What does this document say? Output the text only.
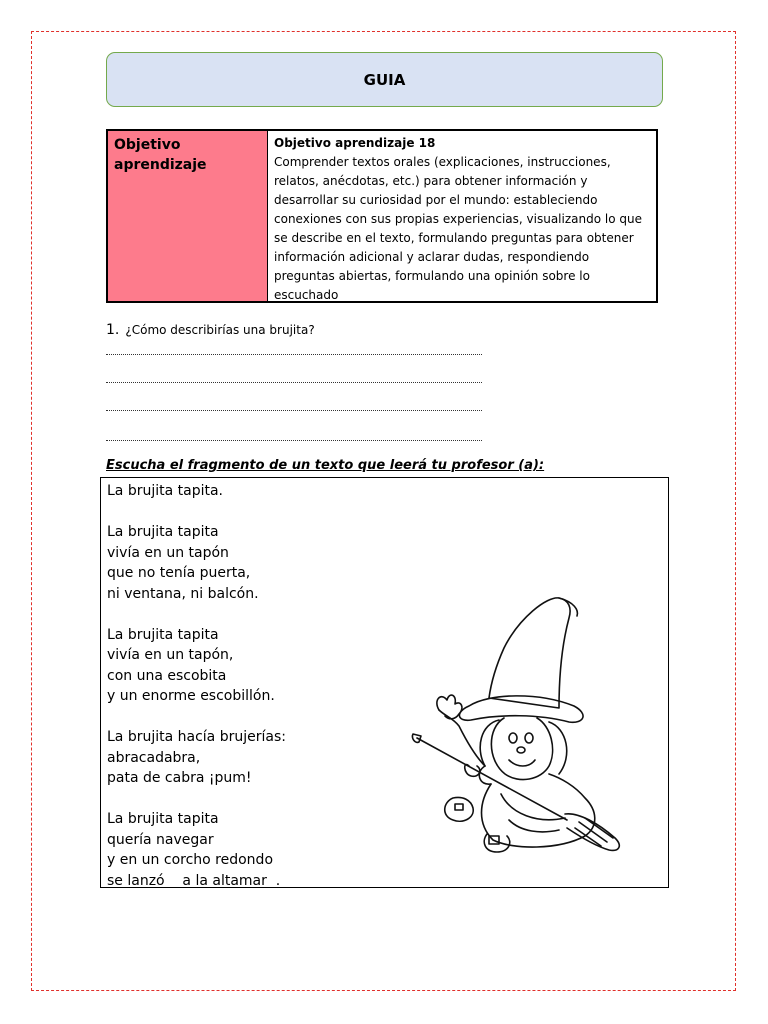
GUIA
Objetivo aprendizaje
Objetivo aprendizaje 18
Comprender textos orales (explicaciones, instrucciones, relatos, anécdotas, etc.) para obtener información y desarrollar su curiosidad por el mundo: estableciendo conexiones con sus propias experiencias, visualizando lo que se describe en el texto, formulando preguntas para obtener información adicional y aclarar dudas, respondiendo preguntas abiertas, formulando una opinión sobre lo escuchado
1. ¿Cómo describirías una brujita?
Escucha el fragmento de un texto que leerá tu profesor (a):
La brujita tapita.
La brujita tapita
vivía en un tapón
que no tenía puerta,
ni ventana, ni balcón.
La brujita tapita
vivía en un tapón,
con una escobita
y un enorme escobillón.
La brujita hacía brujerías:
abracadabra,
pata de cabra ¡pum!
La brujita tapita
quería navegar
y en un corcho redondo
se lanzó    a la altamar  .
